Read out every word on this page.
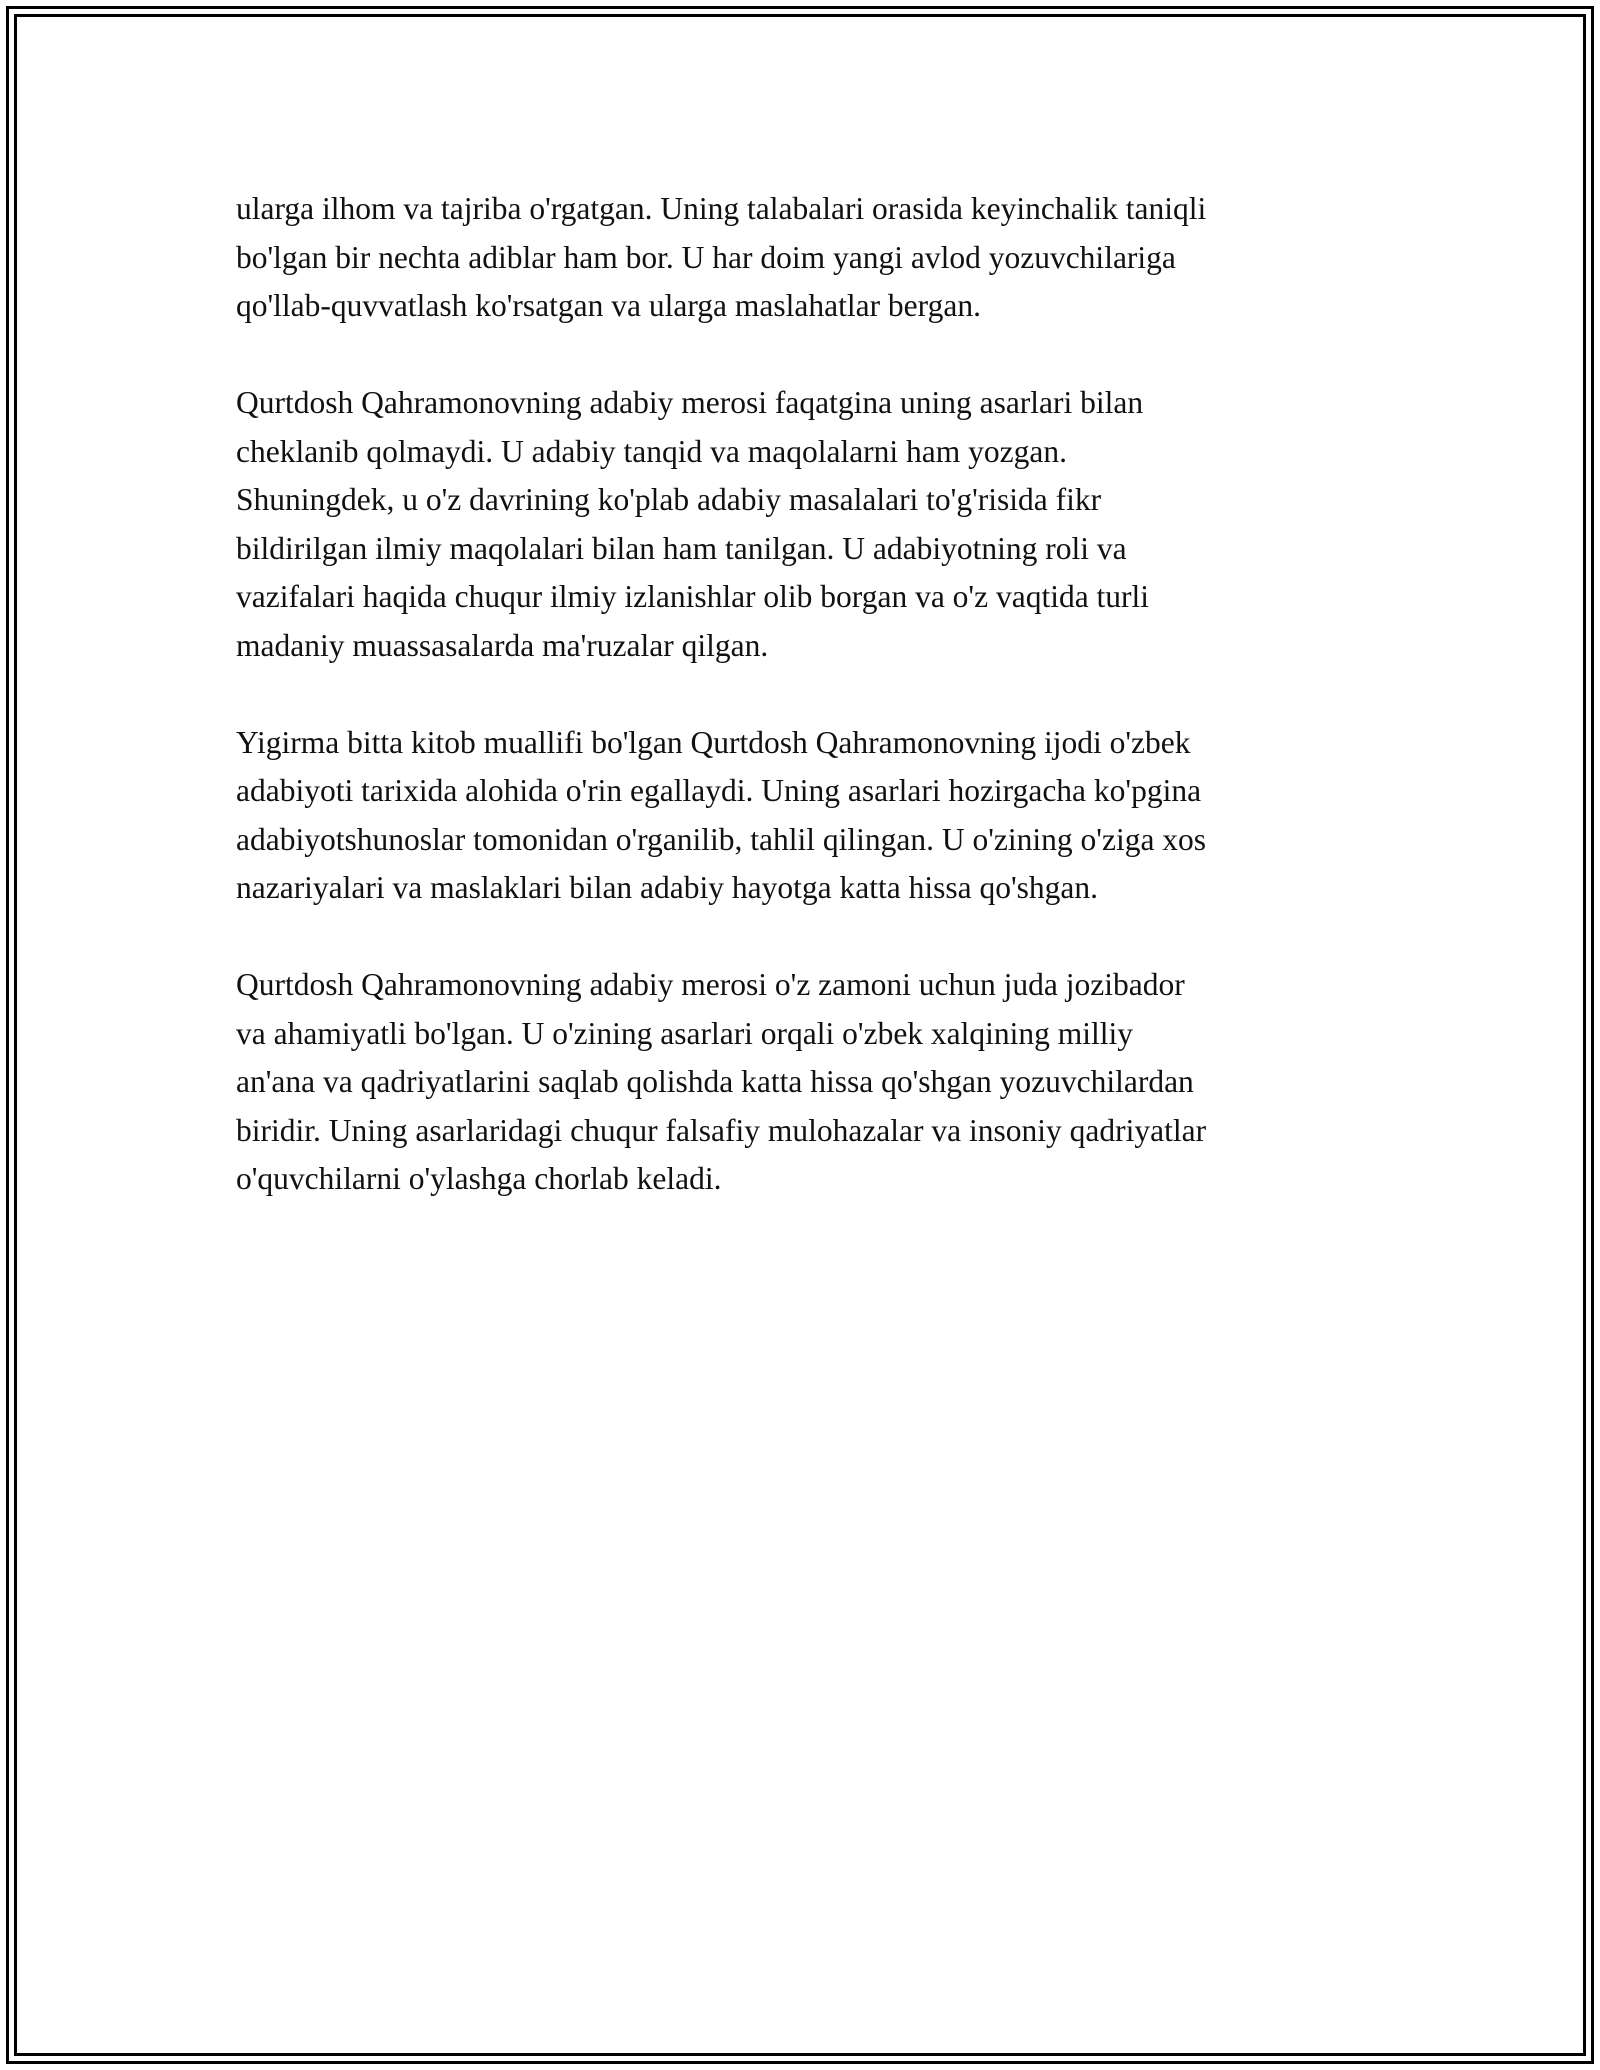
ularga ilhom va tajriba o'rgatgan. Uning talabalari orasida keyinchalik taniqli
bo'lgan bir nechta adiblar ham bor. U har doim yangi avlod yozuvchilariga
qo'llab-quvvatlash ko'rsatgan va ularga maslahatlar bergan.

Qurtdosh Qahramonovning adabiy merosi faqatgina uning asarlari bilan
cheklanib qolmaydi. U adabiy tanqid va maqolalarni ham yozgan.
Shuningdek, u o'z davrining ko'plab adabiy masalalari to'g'risida fikr
bildirilgan ilmiy maqolalari bilan ham tanilgan. U adabiyotning roli va
vazifalari haqida chuqur ilmiy izlanishlar olib borgan va o'z vaqtida turli
madaniy muassasalarda ma'ruzalar qilgan.

Yigirma bitta kitob muallifi bo'lgan Qurtdosh Qahramonovning ijodi o'zbek
adabiyoti tarixida alohida o'rin egallaydi. Uning asarlari hozirgacha ko'pgina
adabiyotshunoslar tomonidan o'rganilib, tahlil qilingan. U o'zining o'ziga xos
nazariyalari va maslaklari bilan adabiy hayotga katta hissa qo'shgan.

Qurtdosh Qahramonovning adabiy merosi o'z zamoni uchun juda jozibador
va ahamiyatli bo'lgan. U o'zining asarlari orqali o'zbek xalqining milliy
an'ana va qadriyatlarini saqlab qolishda katta hissa qo'shgan yozuvchilardan
biridir. Uning asarlaridagi chuqur falsafiy mulohazalar va insoniy qadriyatlar
o'quvchilarni o'ylashga chorlab keladi.
